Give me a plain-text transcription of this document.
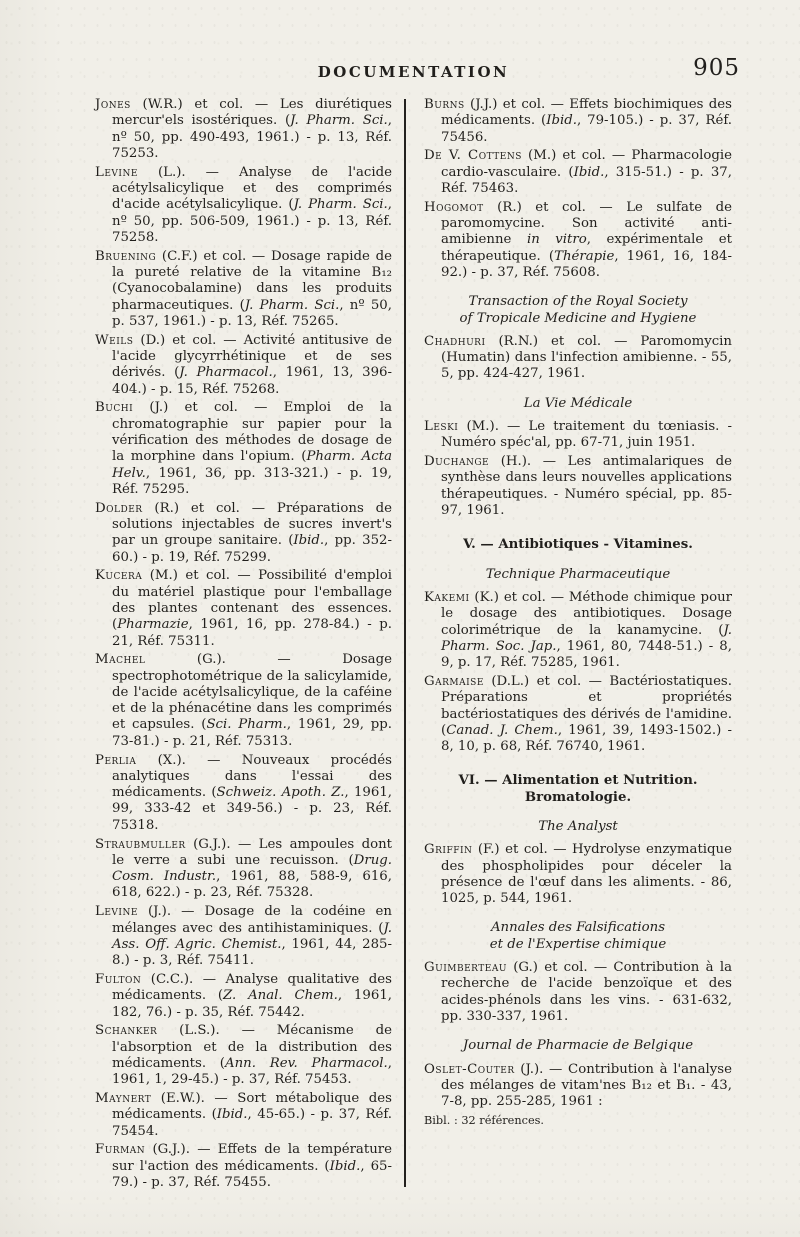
DOCUMENTATION	905

Jones (W.R.) et col. — Les diurétiques mercur'els isostériques. (J. Pharm. Sci., nº 50, pp. 490-493, 1961.) - p. 13, Réf. 75253.

Levine (L.). — Analyse de l'acide acétylsalicylique et des comprimés d'acide acétylsalicylique. (J. Pharm. Sci., nº 50, pp. 506-509, 1961.) - p. 13, Réf. 75258.

Bruening (C.F.) et col. — Dosage rapide de la pureté relative de la vitamine B₁₂ (Cyanocobalamine) dans les produits pharmaceutiques. (J. Pharm. Sci., nº 50, p. 537, 1961.) - p. 13, Réf. 75265.

Weils (D.) et col. — Activité antitusive de l'acide glycyrrhétinique et de ses dérivés. (J. Pharmacol., 1961, 13, 396-404.) - p. 15, Réf. 75268.

Buchi (J.) et col. — Emploi de la chromatographie sur papier pour la vérification des méthodes de dosage de la morphine dans l'opium. (Pharm. Acta Helv., 1961, 36, pp. 313-321.) - p. 19, Réf. 75295.

Dolder (R.) et col. — Préparations de solutions injectables de sucres invert's par un groupe sanitaire. (Ibid., pp. 352-60.) - p. 19, Réf. 75299.

Kucera (M.) et col. — Possibilité d'emploi du matériel plastique pour l'emballage des plantes contenant des essences. (Pharmazie, 1961, 16, pp. 278-84.) - p. 21, Réf. 75311.

Machel (G.). — Dosage spectrophotométrique de la salicylamide, de l'acide acétylsalicylique, de la caféine et de la phénacétine dans les comprimés et capsules. (Sci. Pharm., 1961, 29, pp. 73-81.) - p. 21, Réf. 75313.

Perlia (X.). — Nouveaux procédés analytiques dans l'essai des médicaments. (Schweiz. Apoth. Z., 1961, 99, 333-42 et 349-56.) - p. 23, Réf. 75318.

Straubmuller (G.J.). — Les ampoules dont le verre a subi une recuisson. (Drug. Cosm. Industr., 1961, 88, 588-9, 616, 618, 622.) - p. 23, Réf. 75328.

Levine (J.). — Dosage de la codéine en mélanges avec des antihistaminiques. (J. Ass. Off. Agric. Chemist., 1961, 44, 285-8.) - p. 3, Réf. 75411.

Fulton (C.C.). — Analyse qualitative des médicaments. (Z. Anal. Chem., 1961, 182, 76.) - p. 35, Réf. 75442.

Schanker (L.S.). — Mécanisme de l'absorption et de la distribution des médicaments. (Ann. Rev. Pharmacol., 1961, 1, 29-45.) - p. 37, Réf. 75453.

Maynert (E.W.). — Sort métabolique des médicaments. (Ibid., 45-65.) - p. 37, Réf. 75454.

Furman (G.J.). — Effets de la température sur l'action des médicaments. (Ibid., 65-79.) - p. 37, Réf. 75455.

Burns (J.J.) et col. — Effets biochimiques des médicaments. (Ibid., 79-105.) - p. 37, Réf. 75456.

De V. Cottens (M.) et col. — Pharmacologie cardio-vasculaire. (Ibid., 315-51.) - p. 37, Réf. 75463.

Hogomot (R.) et col. — Le sulfate de paromomycine. Son activité anti-amibienne in vitro, expérimentale et thérapeutique. (Thérapie, 1961, 16, 184-92.) - p. 37, Réf. 75608.

Transaction of the Royal Society
of Tropicale Medicine and Hygiene

Chadhuri (R.N.) et col. — Paromomycin (Humatin) dans l'infection amibienne. - 55, 5, pp. 424-427, 1961.

La Vie Médicale

Leski (M.). — Le traitement du tœniasis. - Numéro spéc'al, pp. 67-71, juin 1951.

Duchange (H.). — Les antimalariques de synthèse dans leurs nouvelles applications thérapeutiques. - Numéro spécial, pp. 85-97, 1961.

V. — Antibiotiques - Vitamines.
Technique Pharmaceutique

Kakemi (K.) et col. — Méthode chimique pour le dosage des antibiotiques. Dosage colorimétrique de la kanamycine. (J. Pharm. Soc. Jap., 1961, 80, 7448-51.) - 8, 9, p. 17, Réf. 75285, 1961.

Garmaise (D.L.) et col. — Bactériostatiques. Préparations et propriétés bactériostatiques des dérivés de l'amidine. (Canad. J. Chem., 1961, 39, 1493-1502.) - 8, 10, p. 68, Réf. 76740, 1961.

VI. — Alimentation et Nutrition.
Bromatologie.
The Analyst

Griffin (F.) et col. — Hydrolyse enzymatique des phospholipides pour déceler la présence de l'œuf dans les aliments. - 86, 1025, p. 544, 1961.

Annales des Falsifications
et de l'Expertise chimique

Guimberteau (G.) et col. — Contribution à la recherche de l'acide benzoïque et des acides-phénols dans les vins. - 631-632, pp. 330-337, 1961.

Journal de Pharmacie de Belgique

Oslet-Couter (J.). — Contribution à l'analyse des mélanges de vitam'nes B₁₂ et B₁. - 43, 7-8, pp. 255-285, 1961 :

Bibl. : 32 références.
